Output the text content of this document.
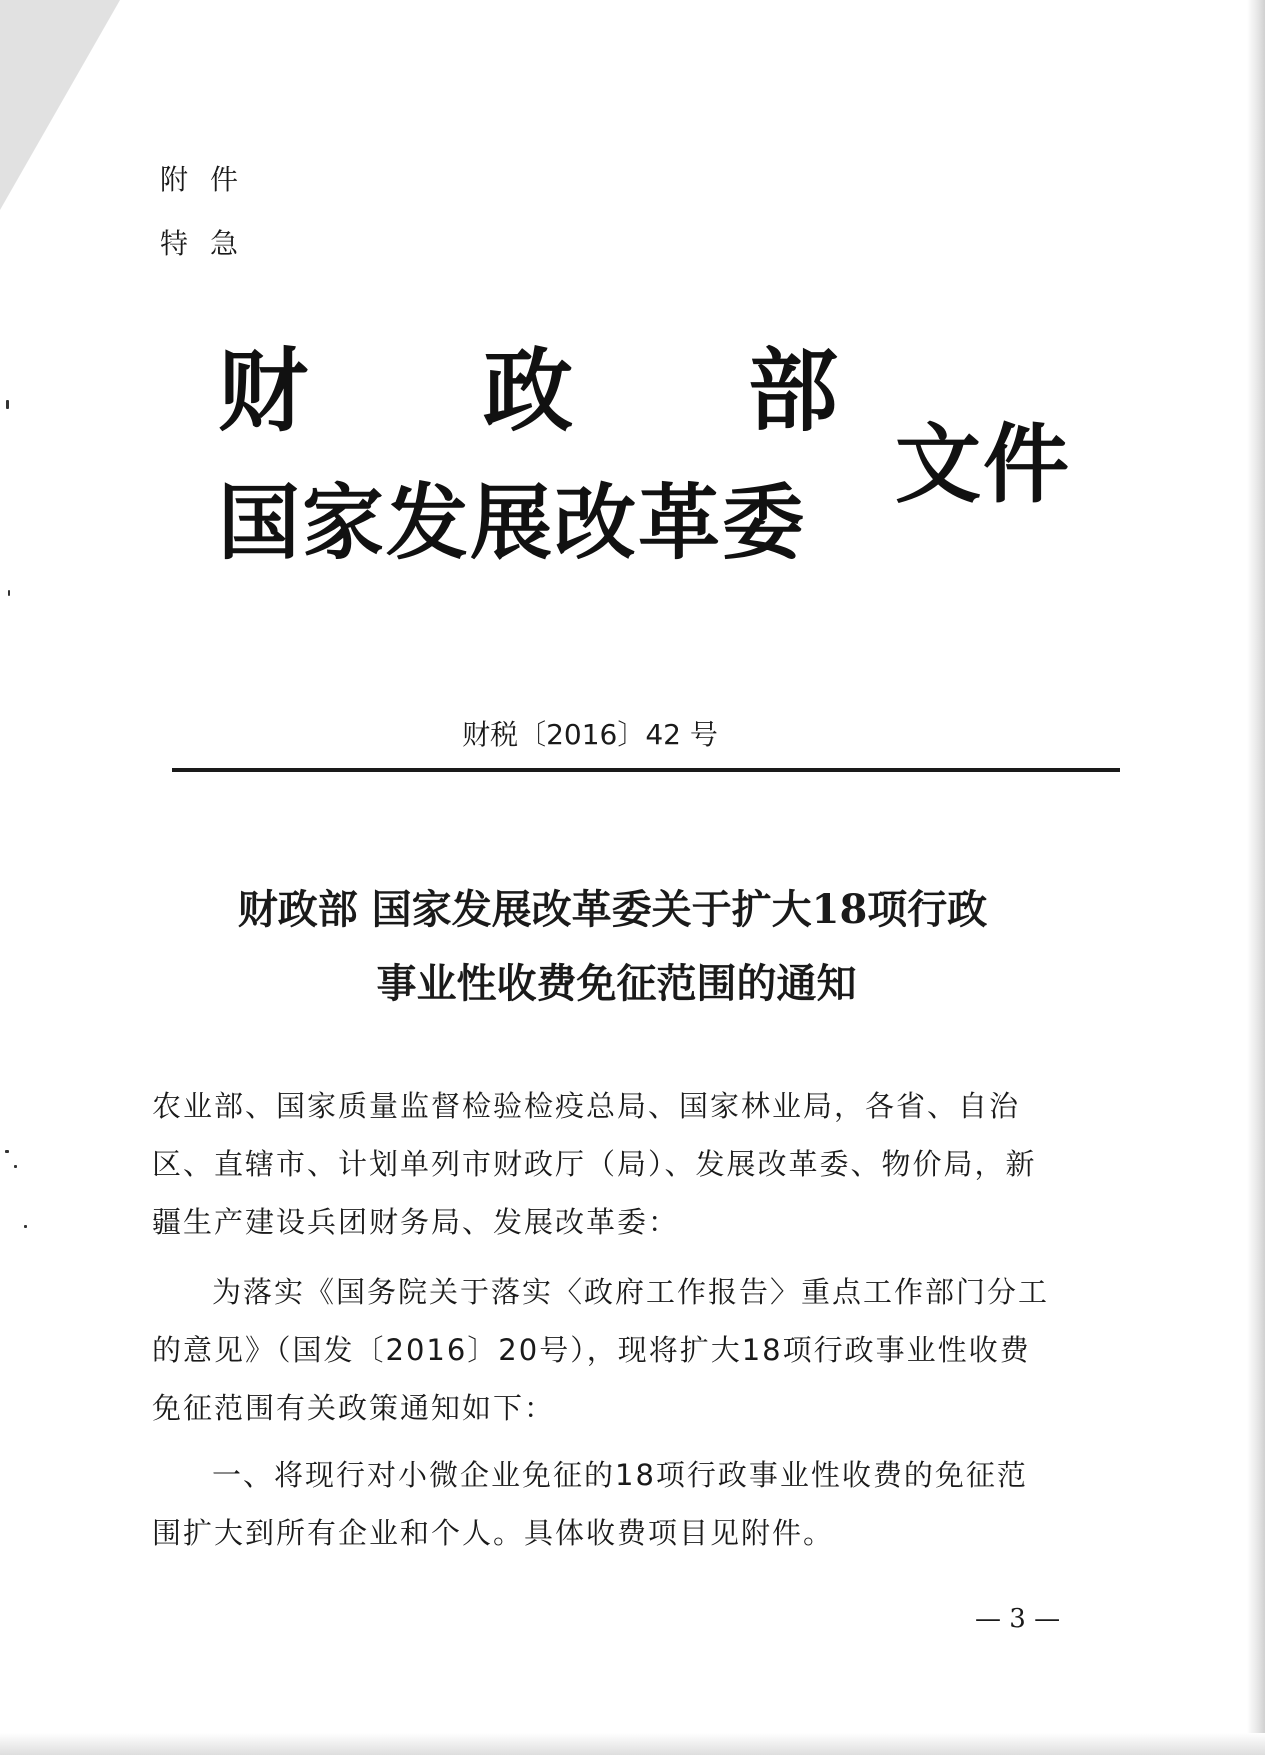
附件
特急
财政部
国家发展改革委
文件
财税〔2016〕42 号
财政部 国家发展改革委关于扩大18项行政
事业性收费免征范围的通知
农业部、国家质量监督检验检疫总局、国家林业局，各省、自治
区、直辖市、计划单列市财政厅（局）、发展改革委、物价局，新
疆生产建设兵团财务局、发展改革委：
为落实《国务院关于落实〈政府工作报告〉重点工作部门分工
的意见》（国发〔2016〕20号），现将扩大18项行政事业性收费
免征范围有关政策通知如下：
一、将现行对小微企业免征的18项行政事业性收费的免征范
围扩大到所有企业和个人。具体收费项目见附件。
— 3 —
